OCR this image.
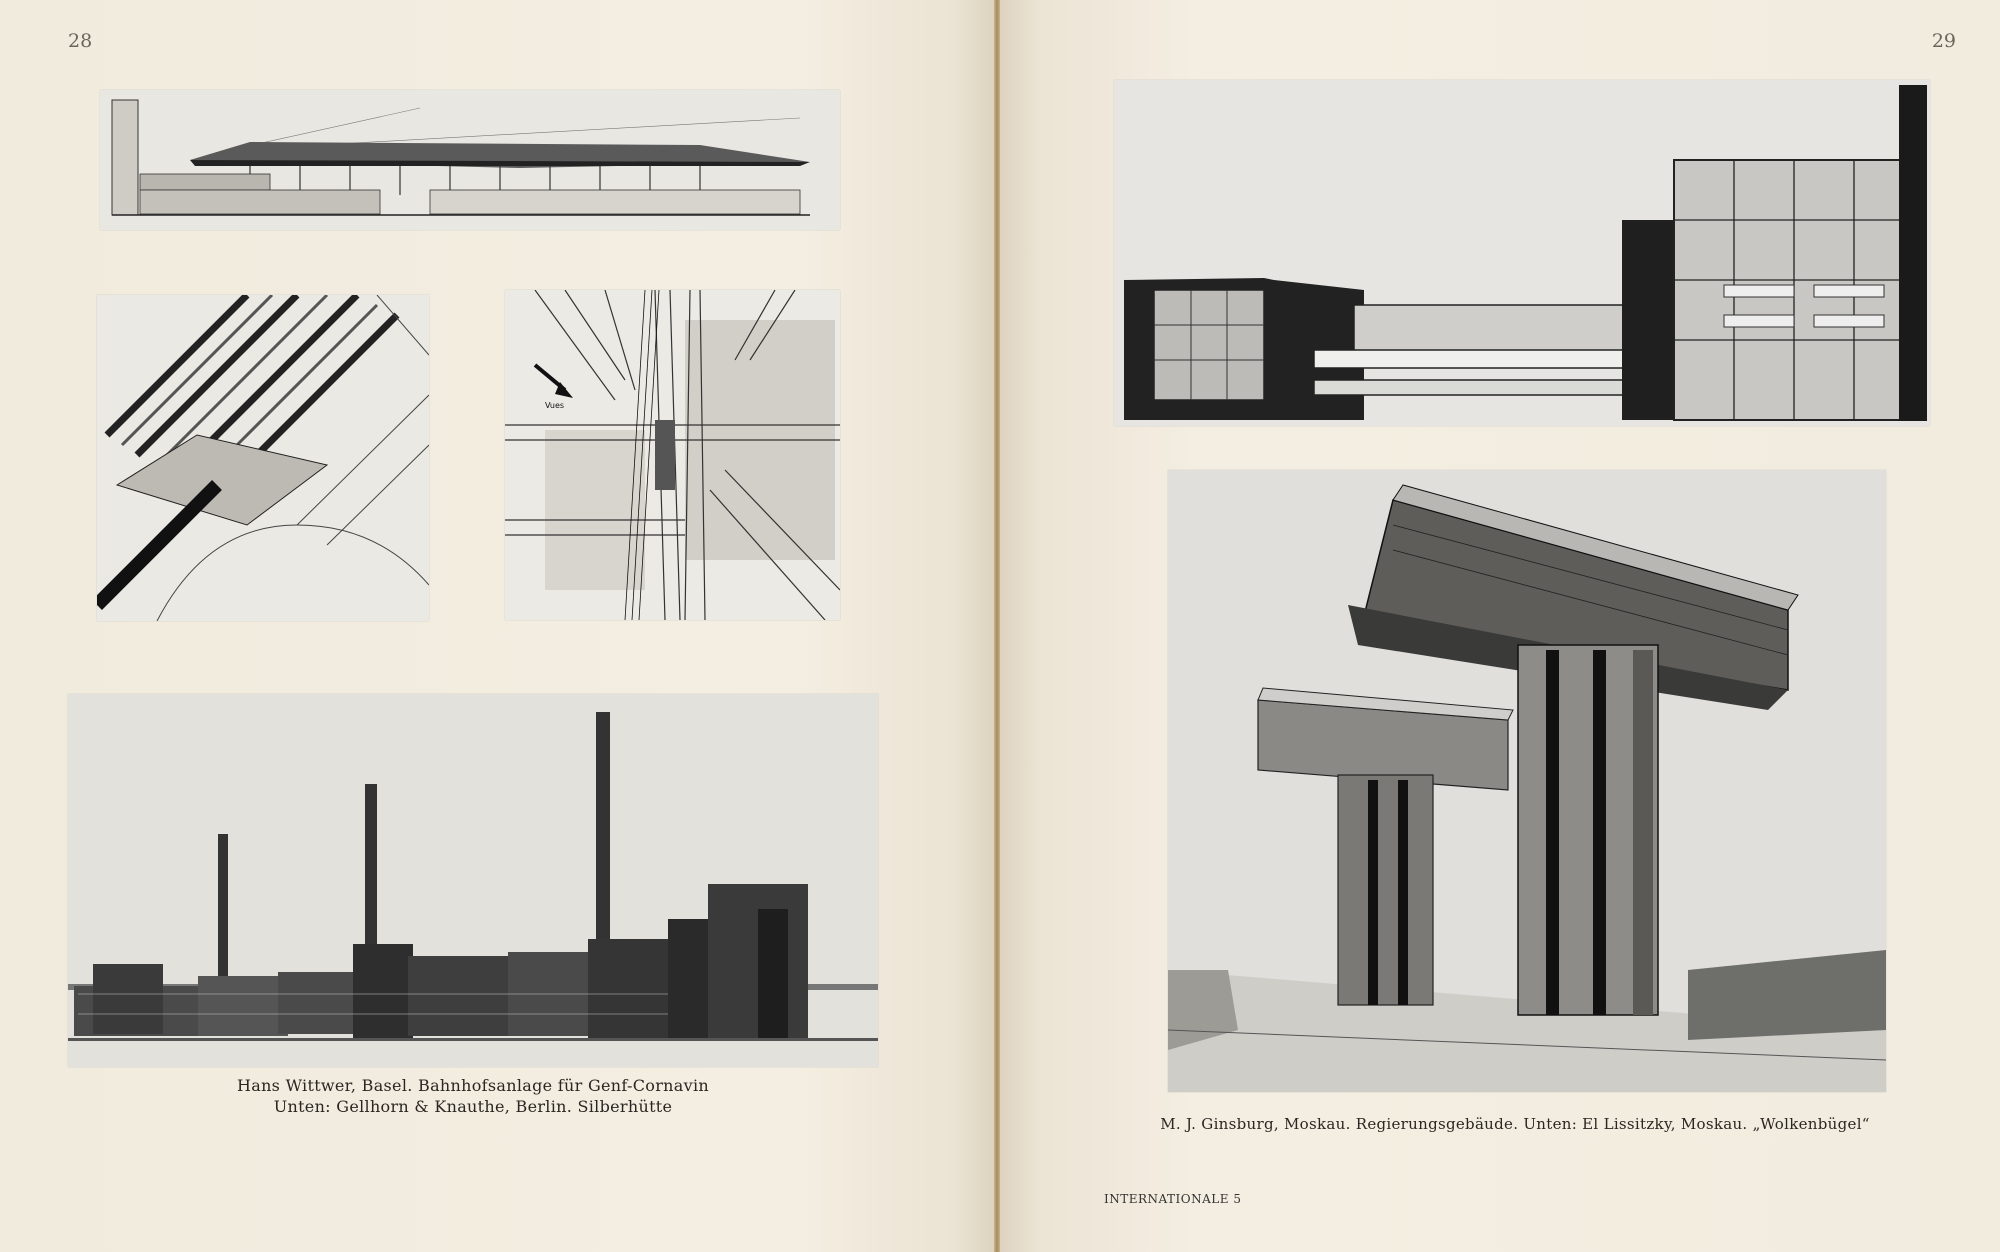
28
Vues
Hans Wittwer, Basel. Bahnhofsanlage für Genf-Cornavin
Unten: Gellhorn & Knauthe, Berlin. Silberhütte
29
M. J. Ginsburg, Moskau. Regierungsgebäude. Unten: El Lissitzky, Moskau. „Wolkenbügel“
INTERNATIONALE 5
